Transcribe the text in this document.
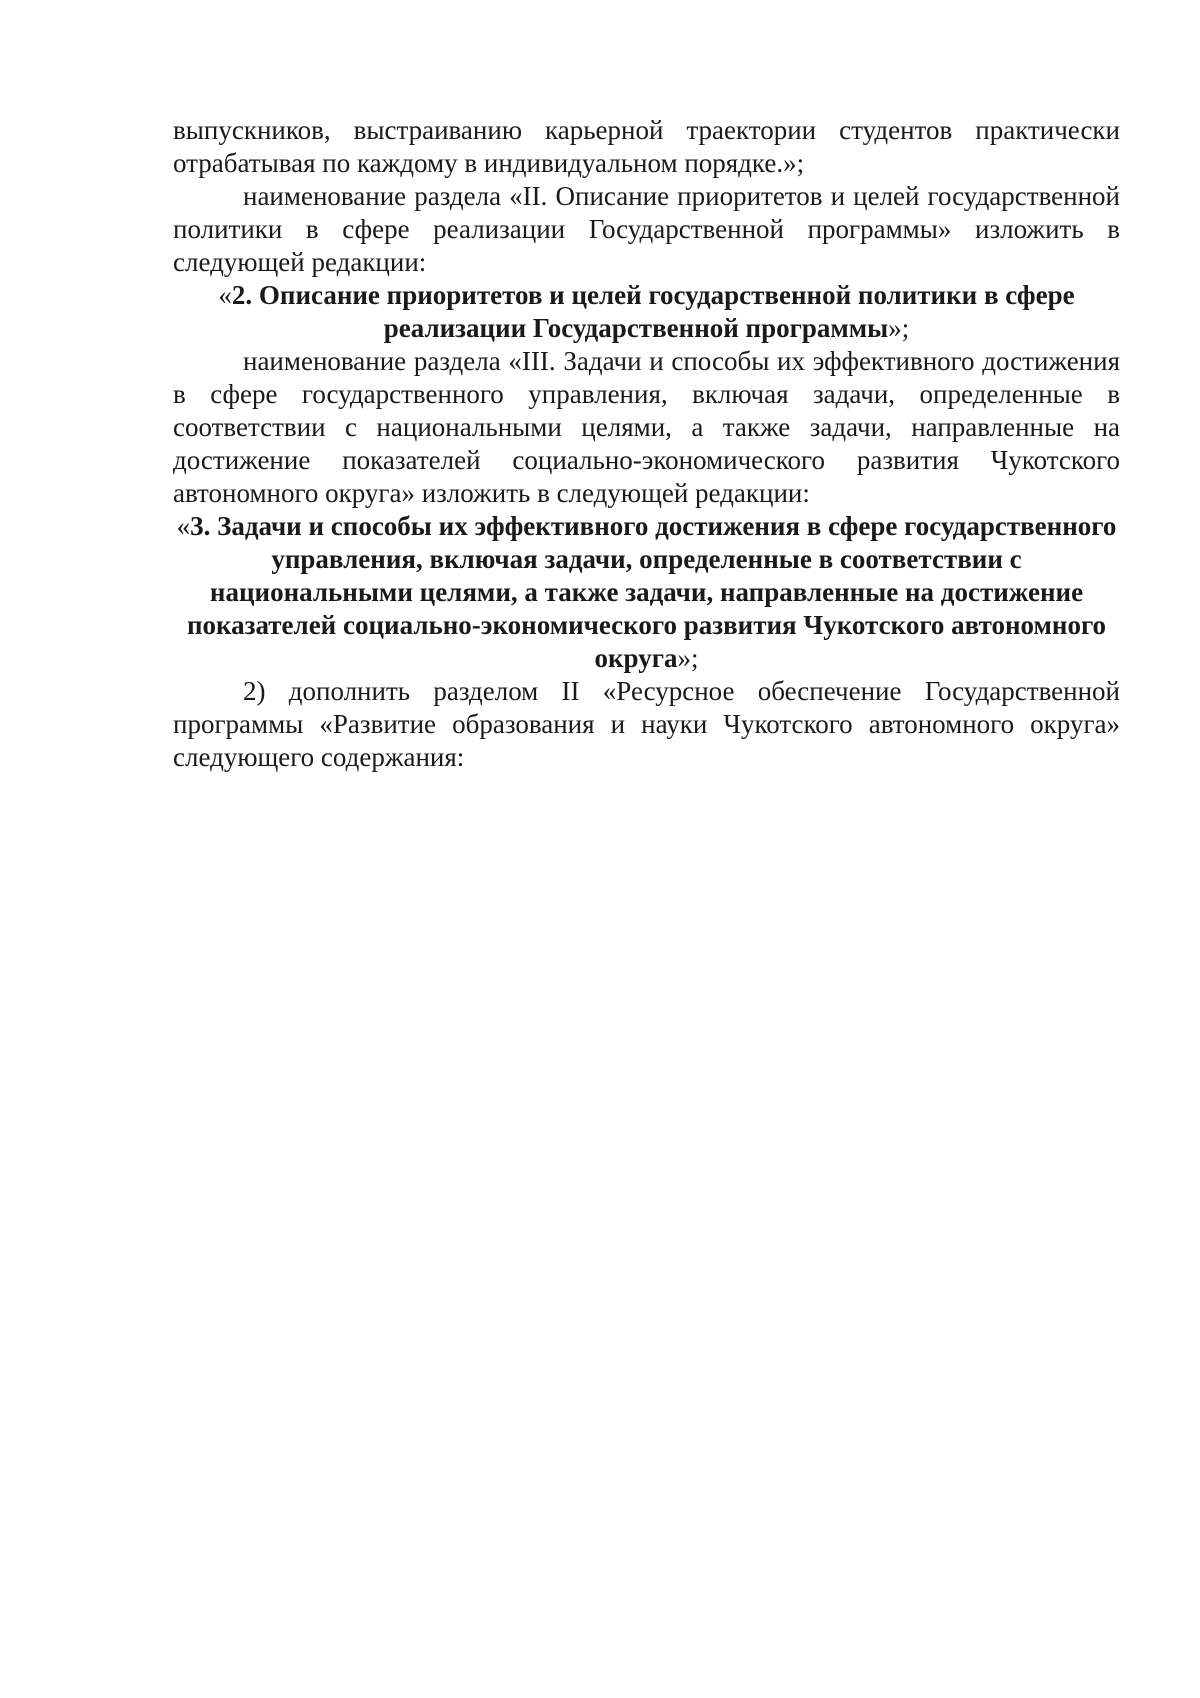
выпускников, выстраиванию карьерной траектории студентов практически отрабатывая по каждому в индивидуальном порядке.»;

наименование раздела «II. Описание приоритетов и целей государственной политики в сфере реализации Государственной программы» изложить в следующей редакции:

«2. Описание приоритетов и целей государственной политики в сфере реализации Государственной программы»;

наименование раздела «III. Задачи и способы их эффективного достижения в сфере государственного управления, включая задачи, определенные в соответствии с национальными целями, а также задачи, направленные на достижение показателей социально-экономического развития Чукотского автономного округа» изложить в следующей редакции:

«3. Задачи и способы их эффективного достижения в сфере государственного управления, включая задачи, определенные в соответствии с национальными целями, а также задачи, направленные на достижение показателей социально-экономического развития Чукотского автономного округа»;

2) дополнить разделом II «Ресурсное обеспечение Государственной программы «Развитие образования и науки Чукотского автономного округа» следующего содержания:
